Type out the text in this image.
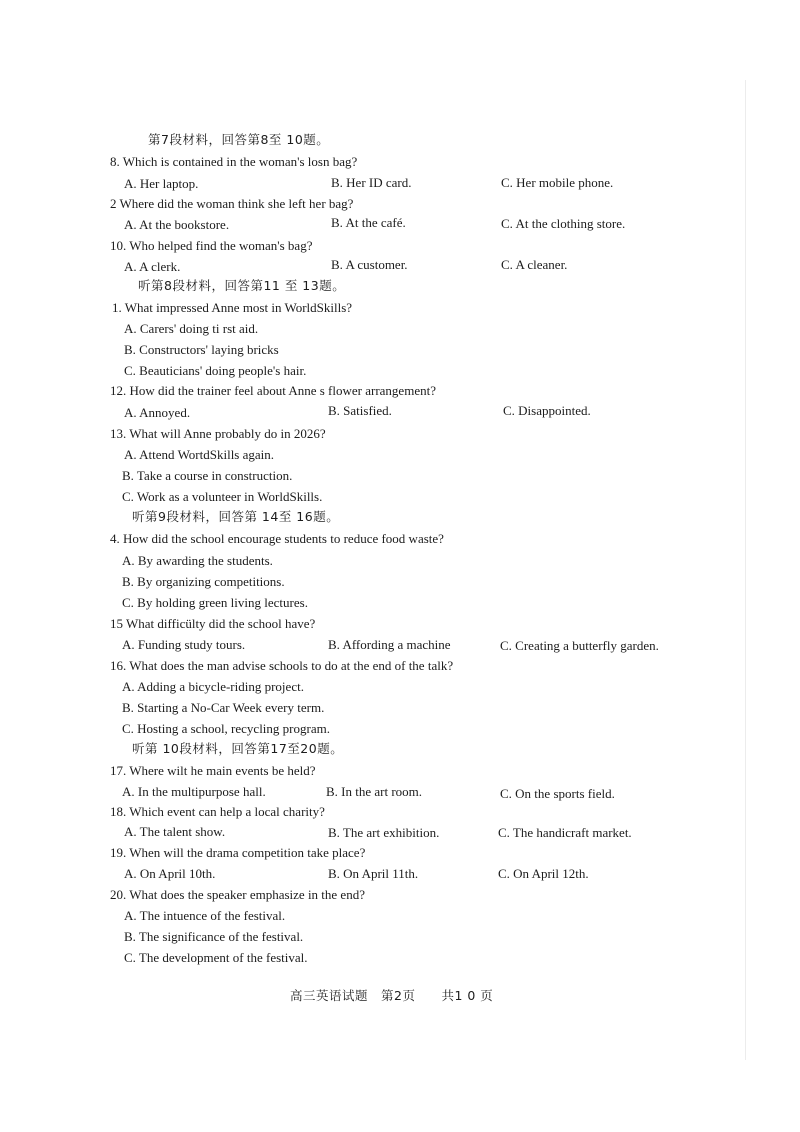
第7段材料，回答第8至 10题。
8. Which is contained in the woman's losn bag?
A. Her laptop.	B. Her ID card.	C. Her mobile phone.
2 Where did the woman think she left her bag?
A. At the bookstore.	B. At the café.	C. At the clothing store.
10. Who helped find the woman's bag?
A. A clerk.	B. A customer.	C. A cleaner.
听第8段材料，回答第11 至 13题。
1. What impressed Anne most in WorldSkills?
A. Carers' doing ti rst aid.
B. Constructors' laying bricks
C. Beauticians' doing people's hair.
12. How did the trainer feel about Anne s flower arrangement?
A. Annoyed.	B. Satisfied.	C. Disappointed.
13. What will Anne probably do in 2026?
A. Attend WortdSkills again.
B. Take a course in construction.
C. Work as a volunteer in WorldSkills.
听第9段材料，回答第 14至 16题。
4. How did the school encourage students to reduce food waste?
A. By awarding the students.
B. By organizing competitions.
C. By holding green living lectures.
15 What difficülty did the school have?
A. Funding study tours.	B. Affording a machine	C. Creating a butterfly garden.
16. What does the man advise schools to do at the end of the talk?
A. Adding a bicycle-riding project.
B. Starting a No-Car Week every term.
C. Hosting a school, recycling program.
听第 10段材料，回答第17至20题。
17. Where wilt he main events be held?
A. In the multipurpose hall.	B. In the art room.	C. On the sports field.
18. Which event can help a local charity?
A. The talent show.	B. The art exhibition.	C. The handicraft market.
19. When will the drama competition take place?
A. On April 10th.	B. On April 11th.	C. On April 12th.
20. What does the speaker emphasize in the end?
A. The intuence of the festival.
B. The significance of the festival.
C. The development of the festival.
高三英语试题　第2页　　共1 0 页
